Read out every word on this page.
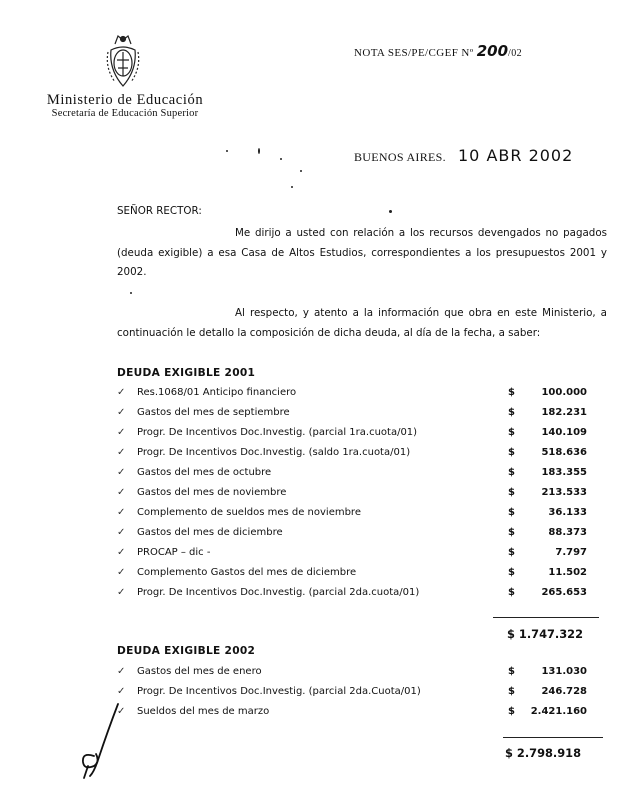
Ministerio de Educación
Secretaría de Educación Superior
NOTA SES/PE/CGEF Nº 200/02
BUENOS AIRES. 10 ABR 2002
SEÑOR RECTOR:
Me dirijo a usted con relación a los recursos devengados no pagados (deuda exigible) a esa Casa de Altos Estudios, correspondientes a los presupuestos 2001 y 2002.
Al respecto, y atento a la información que obra en este Ministerio, a continuación le detallo la composición de dicha deuda, al día de la fecha, a saber:
DEUDA EXIGIBLE 2001
✓	Res.1068/01 Anticipo financiero	$	100.000
✓	Gastos del mes de septiembre	$	182.231
✓	Progr. De Incentivos Doc.Investig. (parcial 1ra.cuota/01)	$	140.109
✓	Progr. De Incentivos Doc.Investig. (saldo 1ra.cuota/01)	$	518.636
✓	Gastos del mes de octubre	$	183.355
✓	Gastos del mes de noviembre	$	213.533
✓	Complemento de sueldos mes de noviembre	$	36.133
✓	Gastos del mes de diciembre	$	88.373
✓	PROCAP – dic -	$	7.797
✓	Complemento Gastos del mes de diciembre	$	11.502
✓	Progr. De Incentivos Doc.Investig. (parcial 2da.cuota/01)	$	265.653
$ 1.747.322
DEUDA EXIGIBLE 2002
✓	Gastos del mes de enero	$	131.030
✓	Progr. De Incentivos Doc.Investig. (parcial 2da.Cuota/01)	$	246.728
✓	Sueldos del mes de marzo	$ 2.421.160
$ 2.798.918
